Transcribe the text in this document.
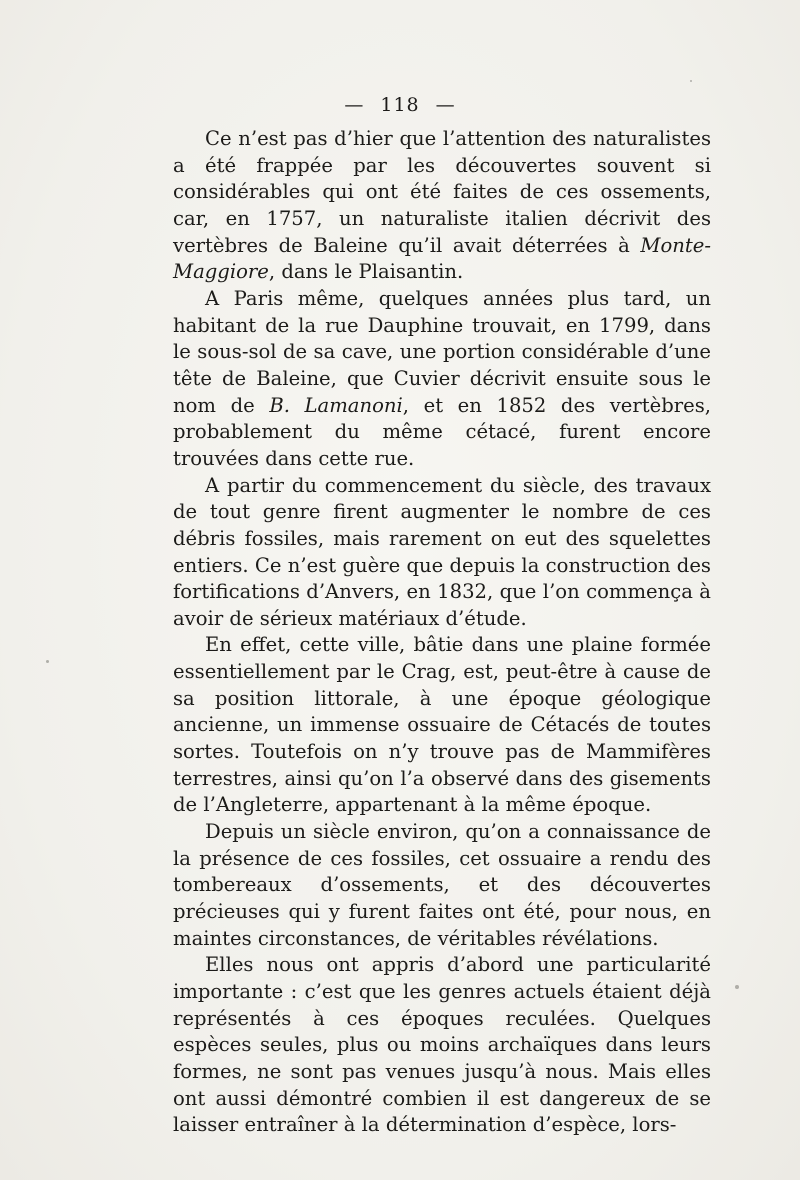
— 118 —

Ce n’est pas d’hier que l’attention des naturalistes a été frappée par les découvertes souvent si considérables qui ont été faites de ces ossements, car, en 1757, un naturaliste italien décrivit des vertèbres de Baleine qu’il avait déterrées à Monte-Maggiore, dans le Plaisantin.

A Paris même, quelques années plus tard, un habitant de la rue Dauphine trouvait, en 1799, dans le sous-sol de sa cave, une portion considérable d’une tête de Baleine, que Cuvier décrivit ensuite sous le nom de B. Lamanoni, et en 1852 des vertèbres, probablement du même cétacé, furent encore trouvées dans cette rue.

A partir du commencement du siècle, des travaux de tout genre firent augmenter le nombre de ces débris fossiles, mais rarement on eut des squelettes entiers. Ce n’est guère que depuis la construction des fortifications d’Anvers, en 1832, que l’on commença à avoir de sérieux matériaux d’étude.

En effet, cette ville, bâtie dans une plaine formée essentiellement par le Crag, est, peut-être à cause de sa position littorale, à une époque géologique ancienne, un immense ossuaire de Cétacés de toutes sortes. Toutefois on n’y trouve pas de Mammifères terrestres, ainsi qu’on l’a observé dans des gisements de l’Angleterre, appartenant à la même époque.

Depuis un siècle environ, qu’on a connaissance de la présence de ces fossiles, cet ossuaire a rendu des tombereaux d’ossements, et des découvertes précieuses qui y furent faites ont été, pour nous, en maintes circonstances, de véritables révélations.

Elles nous ont appris d’abord une particularité importante : c’est que les genres actuels étaient déjà représentés à ces époques reculées. Quelques espèces seules, plus ou moins archaïques dans leurs formes, ne sont pas venues jusqu’à nous. Mais elles ont aussi démontré combien il est dangereux de se laisser entraîner à la détermination d’espèce, lors-
